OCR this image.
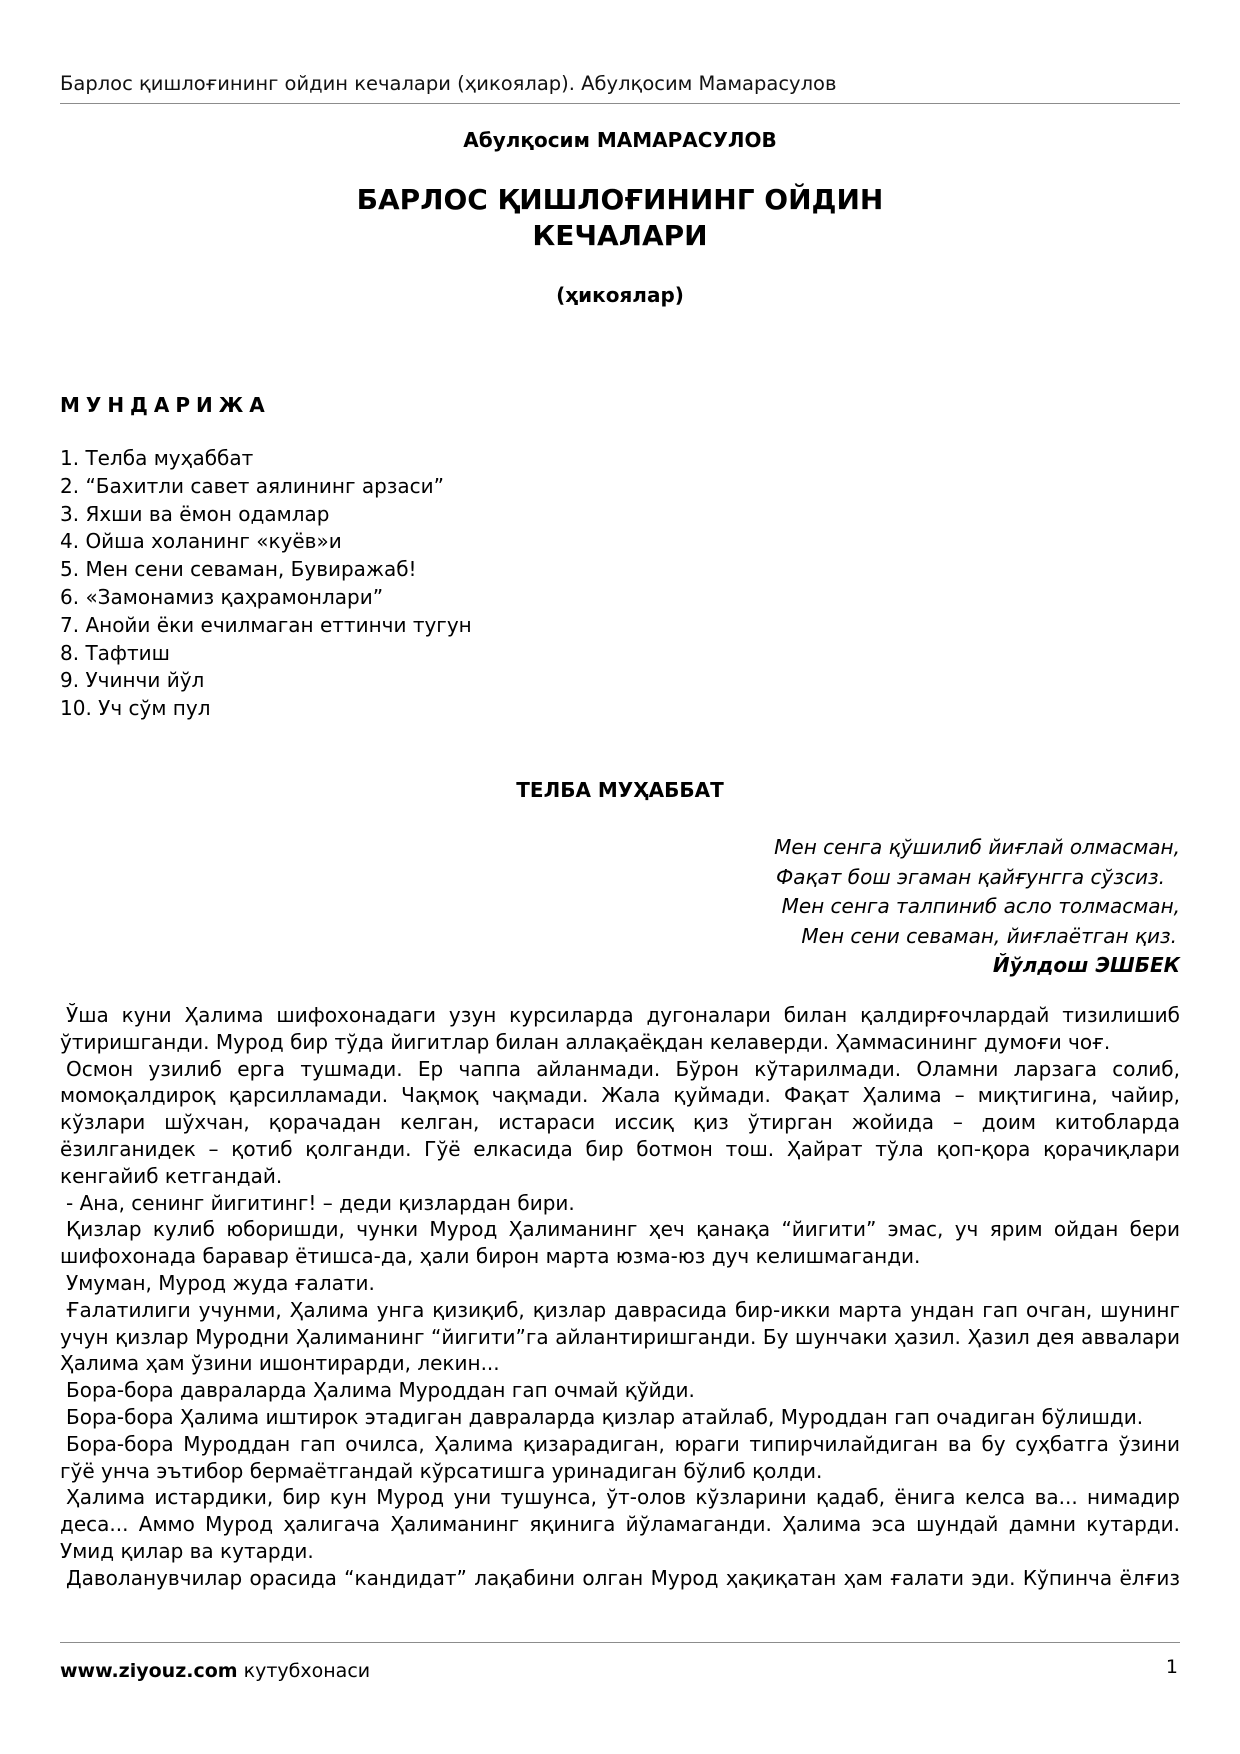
Барлос қишлоғининг ойдин кечалари (ҳикоялар). Абулқосим Мамарасулов
Абулқосим МАМАРАСУЛОВ
БАРЛОС ҚИШЛОҒИНИНГ ОЙДИН
КЕЧАЛАРИ
(ҳикоялар)
МУНДАРИЖА
1. Телба муҳаббат
2. “Бахитли савет аялининг арзаси”
3. Яхши ва ёмон одамлар
4. Ойша холанинг «куёв»и
5. Мен сени севаман, Бувиражаб!
6. «Замонамиз қаҳрамонлари”
7. Анойи ёки ечилмаган еттинчи тугун
8. Тафтиш
9. Учинчи йўл
10. Уч сўм пул
ТЕЛБА МУҲАББАТ
Мен сенга қўшилиб йиғлай олмасман,
Фақат бош эгаман қайғунгга сўзсиз.
Мен сенга талпиниб асло толмасман,
Мен сени севаман, йиғлаётган қиз.
Йўлдош ЭШБЕК

Ўша куни Ҳалима шифохонадаги узун курсиларда дугоналари билан қалдирғочлардай тизилишиб ўтиришганди. Мурод бир тўда йигитлар билан аллақаёқдан келаверди. Ҳаммасининг думоғи чоғ.

Осмон узилиб ерга тушмади. Ер чаппа айланмади. Бўрон кўтарилмади. Оламни ларзага солиб, момоқалдироқ қарсилламади. Чақмоқ чақмади. Жала қуймади. Фақат Ҳалима – миқтигина, чайир, кўзлари шўхчан, қорачадан келган, истараси иссиқ қиз ўтирган жойида – доим китобларда ёзилганидек – қотиб қолганди. Гўё елкасида бир ботмон тош. Ҳайрат тўла қоп-қора қорачиқлари кенгайиб кетгандай.

- Ана, сенинг йигитинг! – деди қизлардан бири.

Қизлар кулиб юборишди, чунки Мурод Ҳалиманинг ҳеч қанақа “йигити” эмас, уч ярим ойдан бери шифохонада баравар ётишса-да, ҳали бирон марта юзма-юз дуч келишмаганди.

Умуман, Мурод жуда ғалати.

Ғалатилиги учунми, Ҳалима унга қизиқиб, қизлар даврасида бир-икки марта ундан гап очган, шунинг учун қизлар Муродни Ҳалиманинг “йигити”га айлантиришганди. Бу шунчаки ҳазил. Ҳазил дея аввалари Ҳалима ҳам ўзини ишонтирарди, лекин...

Бора-бора давраларда Ҳалима Муроддан гап очмай қўйди.

Бора-бора Ҳалима иштирок этадиган давраларда қизлар атайлаб, Муроддан гап очадиган бўлишди.

Бора-бора Муроддан гап очилса, Ҳалима қизарадиган, юраги типирчилайдиган ва бу суҳбатга ўзини гўё унча эътибор бермаётгандай кўрсатишга уринадиган бўлиб қолди.

Ҳалима истардики, бир кун Мурод уни тушунса, ўт-олов кўзларини қадаб, ёнига келса ва... нимадир деса... Аммо Мурод ҳалигача Ҳалиманинг яқинига йўламаганди. Ҳалима эса шундай дамни кутарди. Умид қилар ва кутарди.

Даволанувчилар орасида “кандидат” лақабини олган Мурод ҳақиқатан ҳам ғалати эди. Кўпинча ёлғиз

www.ziyouz.com кутубхонаси	1
